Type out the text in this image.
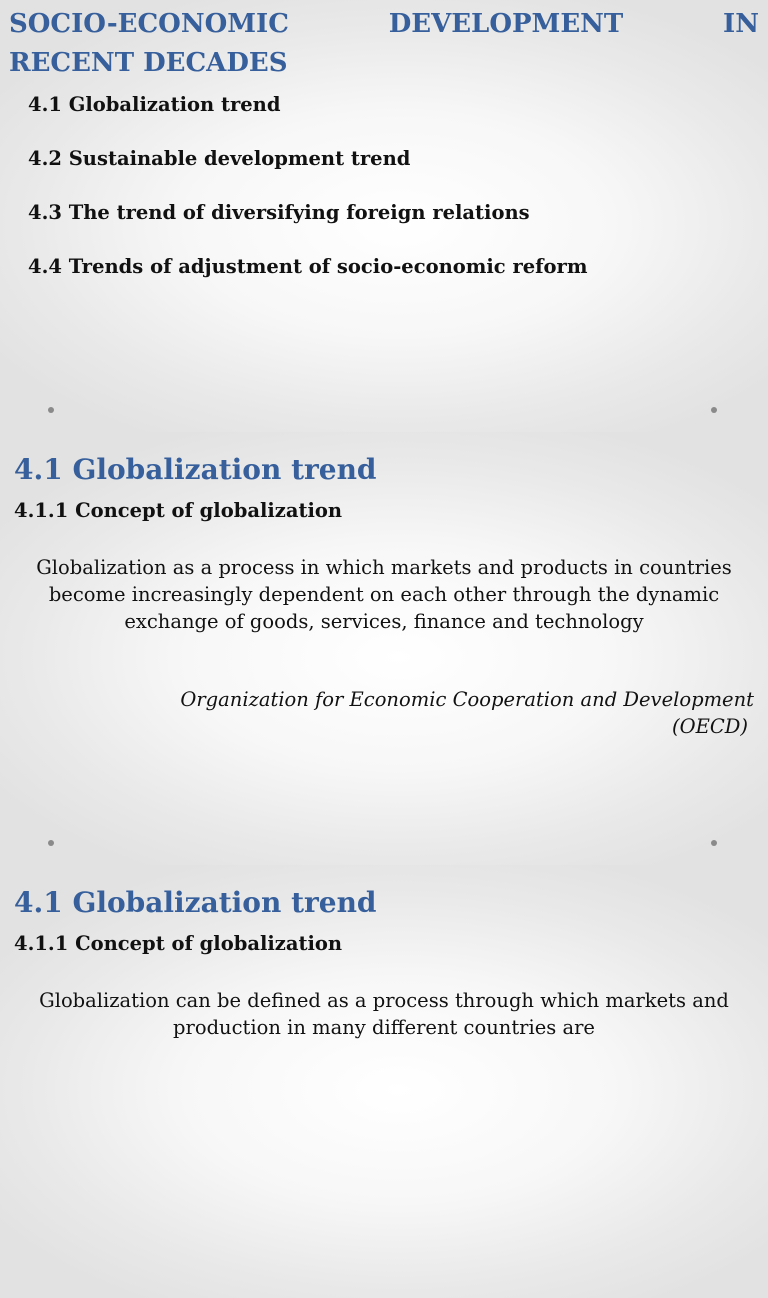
SOCIO-ECONOMIC DEVELOPMENT IN
RECENT DECADES
4.1 Globalization trend
4.2 Sustainable development trend
4.3 The trend of diversifying foreign relations
4.4 Trends of adjustment of socio-economic reform
4.1 Globalization trend
4.1.1 Concept of globalization

Globalization as a process in which markets and products in countries become increasingly dependent on each other through the dynamic exchange of goods, services, finance and technology

Organization for Economic Cooperation and Development
(OECD)

4.1 Globalization trend
4.1.1 Concept of globalization

Globalization can be defined as a process through which markets and production in many different countries are
